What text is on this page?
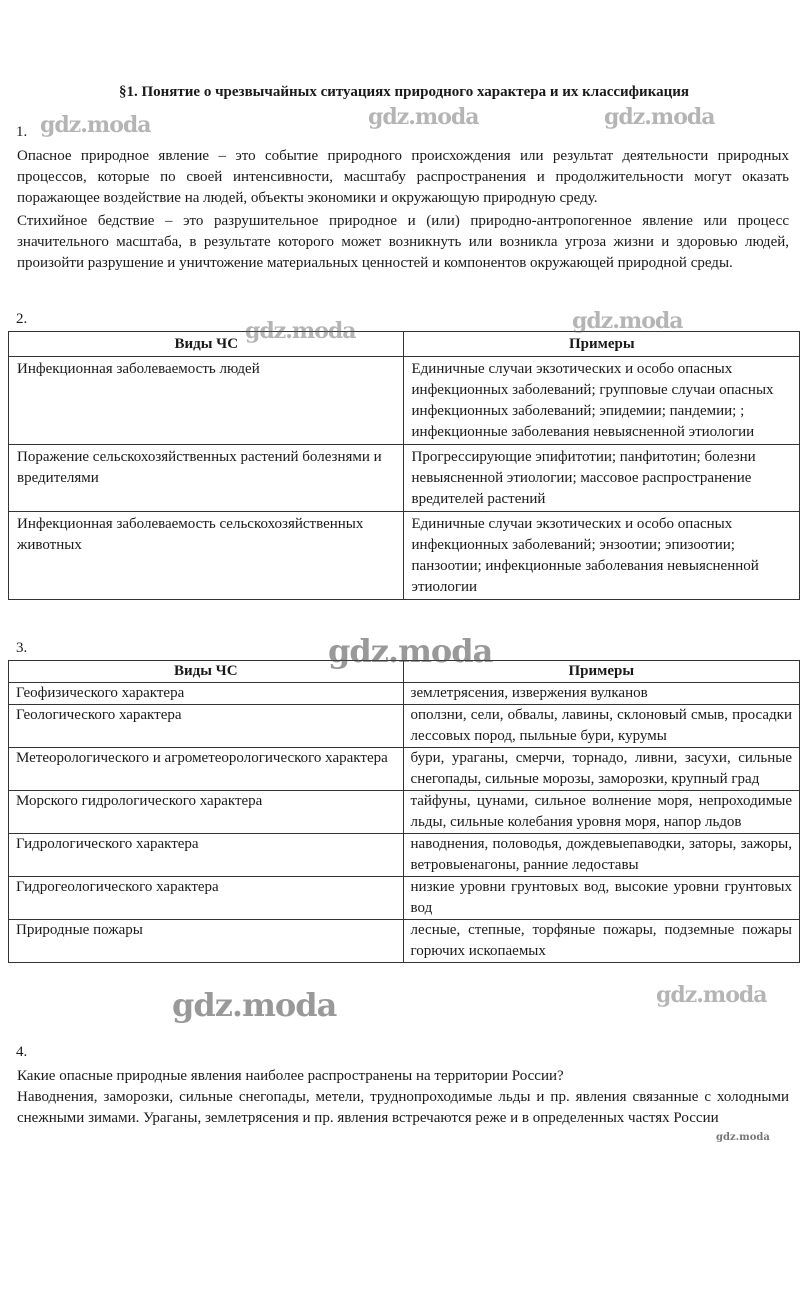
§1. Понятие о чрезвычайных ситуациях природного характера и их классификация
1.

Опасное природное явление – это событие природного происхождения или результат деятельности природных процессов, которые по своей интенсивности, масштабу распространения и продолжительности могут оказать поражающее воздействие на людей, объекты экономики и окружающую природную среду.

Стихийное бедствие – это разрушительное природное и (или) природно-антропогенное явление или процесс значительного масштаба, в результате которого может возникнуть или возникла угроза жизни и здоровью людей, произойти разрушение и уничтожение материальных ценностей и компонентов окружающей природной среды.

2.
Виды ЧС	Примеры
Инфекционная заболеваемость людей	Единичные случаи экзотических и особо опасных инфекционных заболеваний; групповые случаи опасных инфекционных заболеваний; эпидемии; пандемии; ; инфекционные заболевания невыясненной этиологии
Поражение сельскохозяйственных растений болезнями и вредителями	Прогрессирующие эпифитотии; панфитотин; болезни невыясненной этиологии; массовое распространение вредителей растений
Инфекционная заболеваемость сельскохозяйственных животных	Единичные случаи экзотических и особо опасных инфекционных заболеваний; энзоотии; эпизоотии; панзоотии; инфекционные заболевания невыясненной этиологии
3.
Виды ЧС	Примеры
Геофизического характера	землетрясения, извержения вулканов
Геологического характера	оползни, сели, обвалы, лавины, склоновый смыв, просадки лессовых пород, пыльные бури, курумы
Метеорологического и агрометеорологического характера	бури, ураганы, смерчи, торнадо, ливни, засухи, сильные снегопады, сильные морозы, заморозки, крупный град
Морского гидрологического характера	тайфуны, цунами, сильное волнение моря, непроходимые льды, сильные колебания уровня моря, напор льдов
Гидрологического характера	наводнения, половодья, дождевыепаводки, заторы, зажоры, ветровыенагоны, ранние ледоставы
Гидрогеологического характера	низкие уровни грунтовых вод, высокие уровни грунтовых вод
Природные пожары	лесные, степные, торфяные пожары, подземные пожары горючих ископаемых
4.
Какие опасные природные явления наиболее распространены на территории России?
Наводнения, заморозки, сильные снегопады, метели, труднопроходимые льды и пр. явления связанные с холодными снежными зимами. Ураганы, землетрясения и пр. явления встречаются реже и в определенных частях России
gdz.moda	gdz.moda	gdz.moda
gdz.moda	gdz.moda
gdz.moda
gdz.moda	gdz.moda
gdz.moda
